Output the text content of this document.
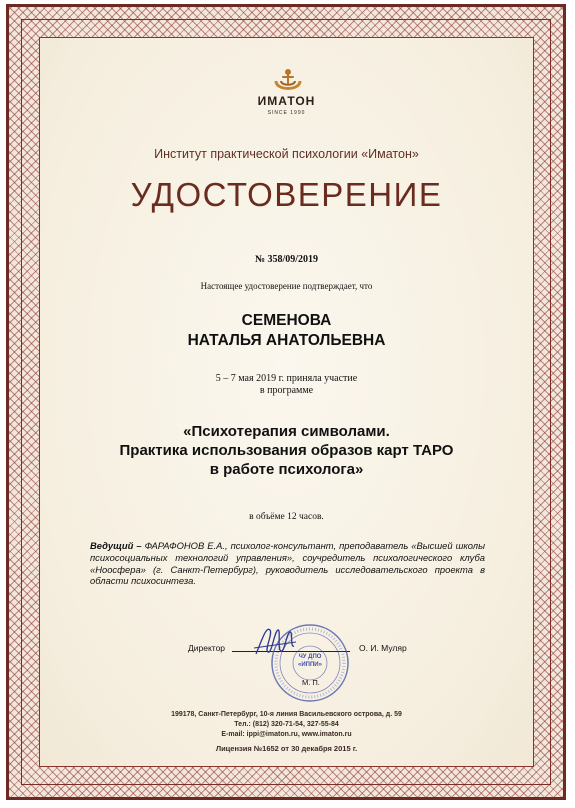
ИМАТОН
SINCE 1990
Институт практической психологии «Иматон»
УДОСТОВЕРЕНИЕ
№ 358/09/2019
Настоящее удостоверение подтверждает, что
СЕМЕНОВА
НАТАЛЬЯ АНАТОЛЬЕВНА
5 – 7 мая 2019 г. приняла участие
в программе
«Психотерапия символами.
Практика использования образов карт ТАРО
в работе психолога»
в объёме 12 часов.
Ведущий – ФАРАФОНОВ Е.А., психолог-консультант, преподаватель «Высшей школы психосоциальных технологий управления», соучредитель психологического клуба «Ноосфера» (г. Санкт-Петербург), руководитель исследовательского проекта в области психосинтеза.
Директор	О. И. Муляр
ЧУ ДПО
«ИППИ»
М. П.
199178, Санкт-Петербург, 10-я линия Васильевского острова, д. 59
Тел.: (812) 320-71-54, 327-55-84
E-mail: ippi@imaton.ru, www.imaton.ru
Лицензия №1652 от 30 декабря 2015 г.
